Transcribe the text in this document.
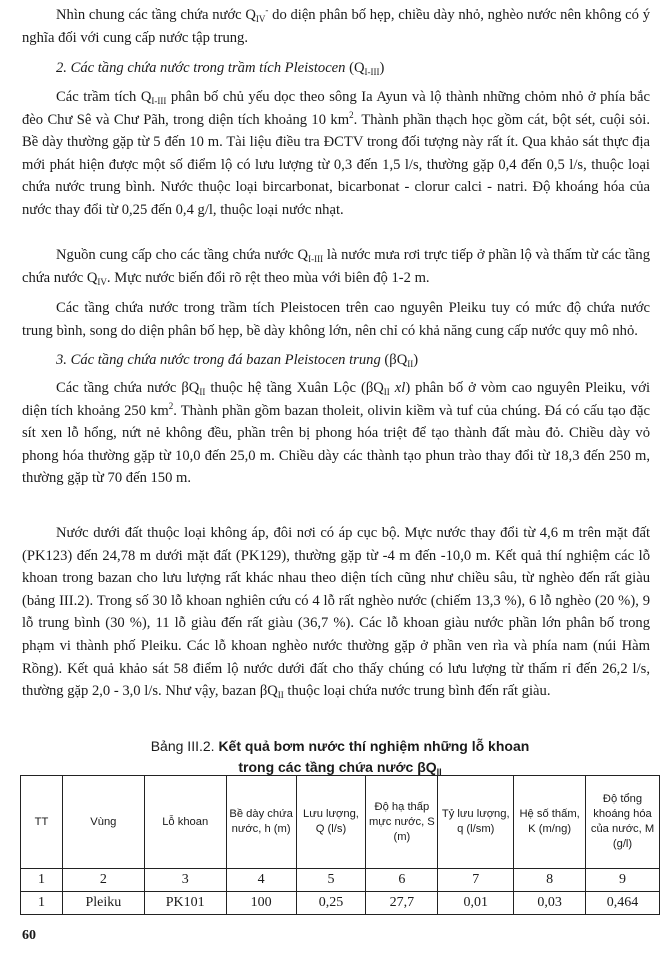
Nhìn chung các tầng chứa nước $Q_{IV}^-$ do diện phân bố hẹp, chiều dày nhỏ, nghèo nước nên không có ý nghĩa đối với cung cấp nước tập trung.

2. Các tầng chứa nước trong trầm tích Pleistocen $(Q_{I-III})$

Các trầm tích $Q_{I-III}$ phân bố chủ yếu dọc theo sông Ia Ayun và lộ thành những chỏm nhỏ ở phía bắc đèo Chư Sê và Chư Pãh, trong diện tích khoảng 10 $km^2$. Thành phần thạch học gồm cát, bột sét, cuội sỏi. Bề dày thường gặp từ 5 đến 10 m. Tài liệu điều tra ĐCTV trong đối tượng này rất ít. Qua khảo sát thực địa mới phát hiện được một số điểm lộ có lưu lượng từ 0,3 đến 1,5 l/s, thường gặp 0,4 đến 0,5 l/s, thuộc loại chứa nước trung bình. Nước thuộc loại bircarbonat, bicarbonat - clorur calci - natri. Độ khoáng hóa của nước thay đổi từ 0,25 đến 0,4 g/l, thuộc loại nước nhạt.

Nguồn cung cấp cho các tầng chứa nước $Q_{I-III}$ là nước mưa rơi trực tiếp ở phần lộ và thấm từ các tầng chứa nước $Q_{IV}$. Mực nước biến đổi rõ rệt theo mùa với biên độ 1-2 m.

Các tầng chứa nước trong trầm tích Pleistocen trên cao nguyên Pleiku tuy có mức độ chứa nước trung bình, song do diện phân bố hẹp, bề dày không lớn, nên chỉ có khả năng cung cấp nước quy mô nhỏ.

3. Các tầng chứa nước trong đá bazan Pleistocen trung $(\beta Q_{II})$

Các tầng chứa nước $\beta Q_{II}$ thuộc hệ tầng Xuân Lộc ($\beta Q_{II}$ xl) phân bố ở vòm cao nguyên Pleiku, với diện tích khoảng 250 $km^2$. Thành phần gồm bazan tholeit, olivin kiềm và tuf của chúng. Đá có cấu tạo đặc sít xen lỗ hổng, nứt nẻ không đều, phần trên bị phong hóa triệt để tạo thành đất màu đỏ. Chiều dày vỏ phong hóa thường gặp từ 10,0 đến 25,0 m. Chiều dày các thành tạo phun trào thay đổi từ 18,3 đến 250 m, thường gặp từ 70 đến 150 m.

Nước dưới đất thuộc loại không áp, đôi nơi có áp cục bộ. Mực nước thay đổi từ 4,6 m trên mặt đất (PK123) đến 24,78 m dưới mặt đất (PK129), thường gặp từ -4 m đến -10,0 m. Kết quả thí nghiệm các lỗ khoan trong bazan cho lưu lượng rất khác nhau theo diện tích cũng như chiều sâu, từ nghèo đến rất giàu (bảng III.2). Trong số 30 lỗ khoan nghiên cứu có 4 lỗ rất nghèo nước (chiếm 13,3 %), 6 lỗ nghèo (20 %), 9 lỗ trung bình (30 %), 11 lỗ giàu đến rất giàu (36,7 %). Các lỗ khoan giàu nước phần lớn phân bố trong phạm vi thành phố Pleiku. Các lỗ khoan nghèo nước thường gặp ở phần ven rìa và phía nam (núi Hàm Rồng). Kết quả khảo sát 58 điểm lộ nước dưới đất cho thấy chúng có lưu lượng từ thấm rỉ đến 26,2 l/s, thường gặp 2,0 - 3,0 l/s. Như vậy, bazan $\beta Q_{II}$ thuộc loại chứa nước trung bình đến rất giàu.

Bảng III.2. Kết quả bơm nước thí nghiệm những lỗ khoan
trong các tầng chứa nước $\beta Q_{II}$

TT	Vùng	Lỗ khoan	Bề dày chứa nước, h (m)	Lưu lượng, Q (l/s)	Độ hạ thấp mực nước, S (m)	Tỷ lưu lượng, q (l/sm)	Hệ số thấm, K (m/ng)	Độ tổng khoáng hóa của nước, M (g/l)
1	2	3	4	5	6	7	8	9
1	Pleiku	PK101	100	0,25	27,7	0,01	0,03	0,464
60
